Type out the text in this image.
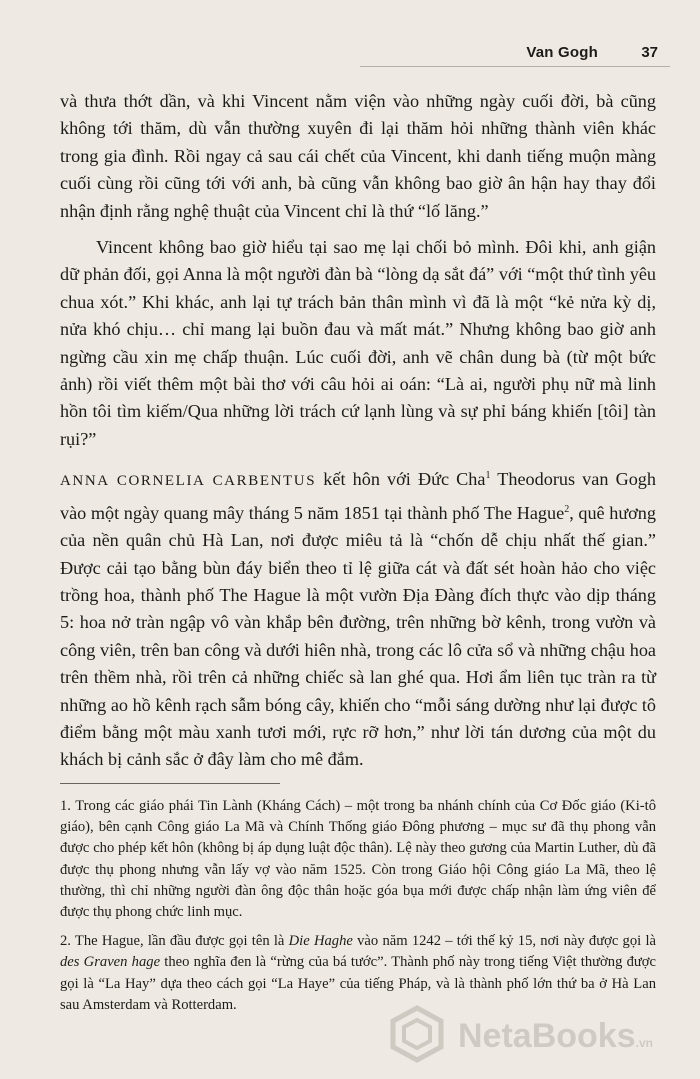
Van Gogh	37

và thưa thớt dần, và khi Vincent nằm viện vào những ngày cuối đời, bà cũng không tới thăm, dù vẫn thường xuyên đi lại thăm hỏi những thành viên khác trong gia đình. Rồi ngay cả sau cái chết của Vincent, khi danh tiếng muộn màng cuối cùng rồi cũng tới với anh, bà cũng vẫn không bao giờ ân hận hay thay đổi nhận định rằng nghệ thuật của Vincent chỉ là thứ “lố lăng.”

Vincent không bao giờ hiểu tại sao mẹ lại chối bỏ mình. Đôi khi, anh giận dữ phản đối, gọi Anna là một người đàn bà “lòng dạ sắt đá” với “một thứ tình yêu chua xót.” Khi khác, anh lại tự trách bản thân mình vì đã là một “kẻ nửa kỳ dị, nửa khó chịu… chỉ mang lại buồn đau và mất mát.” Nhưng không bao giờ anh ngừng cầu xin mẹ chấp thuận. Lúc cuối đời, anh vẽ chân dung bà (từ một bức ảnh) rồi viết thêm một bài thơ với câu hỏi ai oán: “Là ai, người phụ nữ mà linh hồn tôi tìm kiếm/Qua những lời trách cứ lạnh lùng và sự phỉ báng khiến [tôi] tàn rụi?”

ANNA CORNELIA CARBENTUS kết hôn với Đức Cha$^1$ Theodorus van Gogh vào một ngày quang mây tháng 5 năm 1851 tại thành phố The Hague$^2$, quê hương của nền quân chủ Hà Lan, nơi được miêu tả là “chốn dễ chịu nhất thế gian.” Được cải tạo bằng bùn đáy biển theo tỉ lệ giữa cát và đất sét hoàn hảo cho việc trồng hoa, thành phố The Hague là một vườn Địa Đàng đích thực vào dịp tháng 5: hoa nở tràn ngập vô vàn khắp bên đường, trên những bờ kênh, trong vườn và công viên, trên ban công và dưới hiên nhà, trong các lô cửa sổ và những chậu hoa trên thềm nhà, rồi trên cả những chiếc sà lan ghé qua. Hơi ẩm liên tục tràn ra từ những ao hồ kênh rạch sẫm bóng cây, khiến cho “mỗi sáng dường như lại được tô điểm bằng một màu xanh tươi mới, rực rỡ hơn,” như lời tán dương của một du khách bị cảnh sắc ở đây làm cho mê đắm.

1. Trong các giáo phái Tin Lành (Kháng Cách) – một trong ba nhánh chính của Cơ Đốc giáo (Ki-tô giáo), bên cạnh Công giáo La Mã và Chính Thống giáo Đông phương – mục sư đã thụ phong vẫn được cho phép kết hôn (không bị áp dụng luật độc thân). Lệ này theo gương của Martin Luther, dù đã được thụ phong nhưng vẫn lấy vợ vào năm 1525. Còn trong Giáo hội Công giáo La Mã, theo lệ thường, thì chỉ những người đàn ông độc thân hoặc góa bụa mới được chấp nhận làm ứng viên để được thụ phong chức linh mục.

2. The Hague, lần đầu được gọi tên là Die Haghe vào năm 1242 – tới thế kỷ 15, nơi này được gọi là des Graven hage theo nghĩa đen là “rừng của bá tước”. Thành phố này trong tiếng Việt thường được gọi là “La Hay” dựa theo cách gọi “La Haye” của tiếng Pháp, và là thành phố lớn thứ ba ở Hà Lan sau Amsterdam và Rotterdam.

NetaBooks.vn
